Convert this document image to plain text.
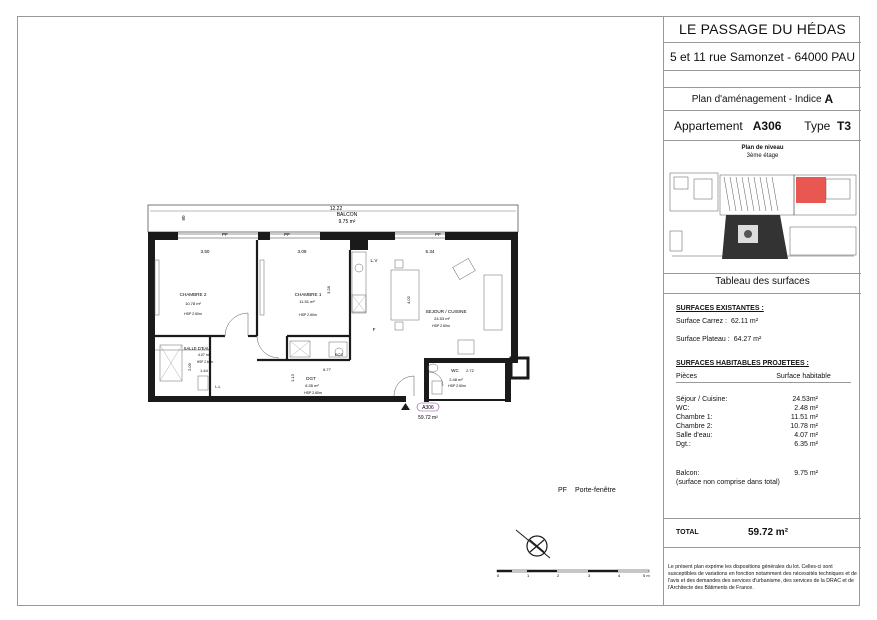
12.22
BALCON
9.75 m²
80
PF	PF	PF
3.50
CHAMBRE 2
10.78 m²
HSP 2.60m
3.09
CHAMBRE 1
11.51 m²
HSP 2.60m
3.28
5.34
SEJOUR / CUISINE
24.53 m²
HSP 2.60m
4.02
L.V
F
SALLE D'EAU
4.07 m²
HSP 2.60m
1.44
2.09
L.L
DGT
6.35 m²
HSP 2.60m
6.77
1.13
WC
2.48 m²
HSP 2.60m
2.72
ECS
A306
59.72 m²
0	1	2	3	4	5 m
PF Porte-fenêtre
LE PASSAGE DU HÉDAS
5 et 11 rue Samonzet - 64000 PAU
Plan d'aménagement - Indice A
Appartement A306 Type T3
Plan de niveau
3ème étage
Tableau des surfaces
SURFACES EXISTANTES :
Surface Carrez : 62.11 m²
Surface Plateau : 64.27 m²
SURFACES HABITABLES PROJETEES :
Pièces	Surface habitable
Séjour / Cuisine:	24.53m²
WC:	2.48 m²
Chambre 1:	11.51 m²
Chambre 2:	10.78 m²
Salle d'eau:	4.07 m²
Dgt.:	6.35 m²
Balcon:	9.75 m²
(surface non comprise dans total)
TOTAL	59.72 m²
Le présent plan exprime les dispositions générales du lot. Celles-ci sont susceptibles de variations en fonction notamment des nécessités techniques et de l'avis et des demandes des services d'urbanisme, des services de la DRAC et de l'Architecte des Bâtiments de France.
